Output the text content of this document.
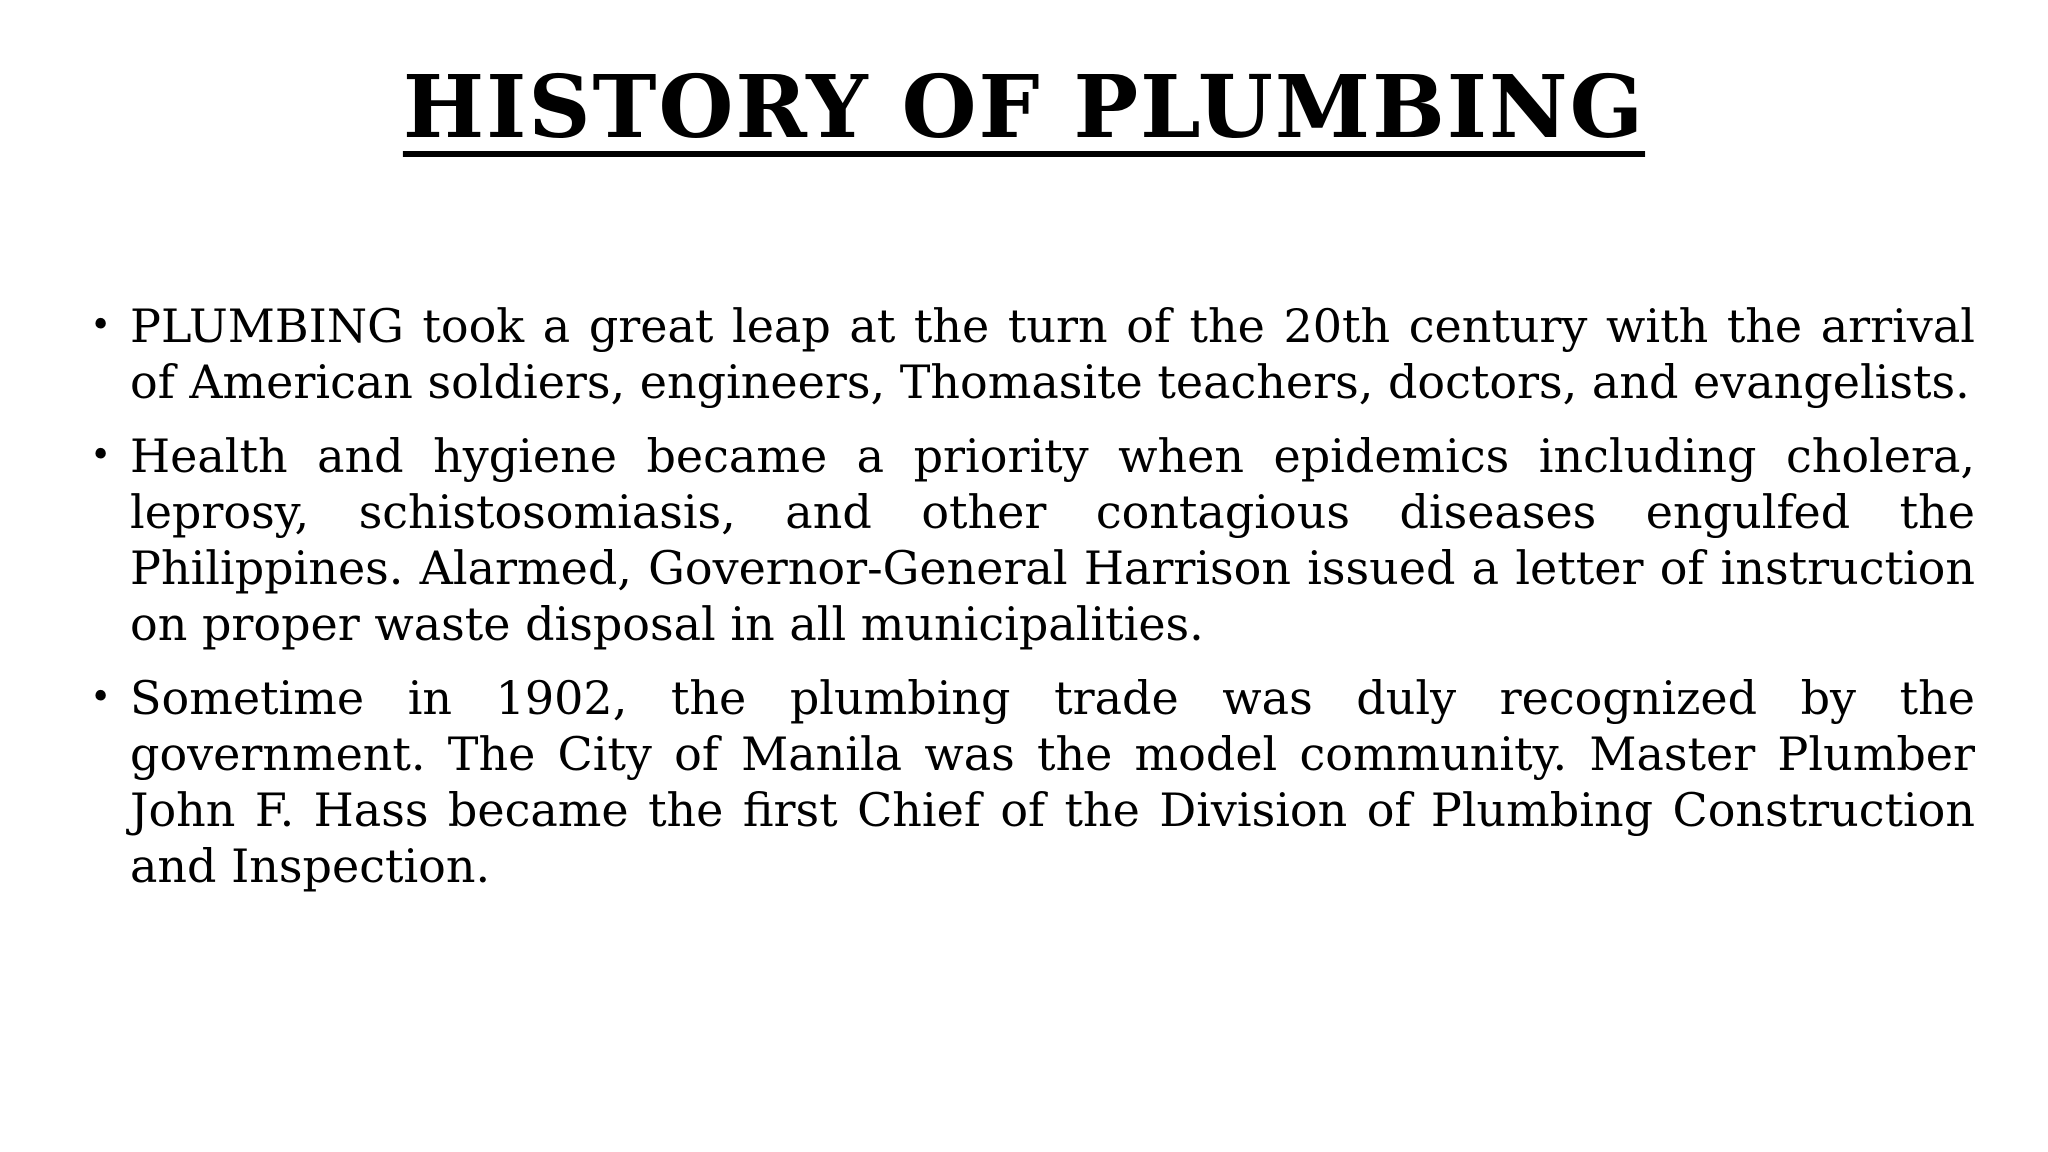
HISTORY OF PLUMBING
• PLUMBING took a great leap at the turn of the 20th century with the arrival of American soldiers, engineers, Thomasite teachers, doctors, and evangelists.
• Health and hygiene became a priority when epidemics including cholera, leprosy, schistosomiasis, and other contagious diseases engulfed the Philippines. Alarmed, Governor-General Harrison issued a letter of instruction on proper waste disposal in all municipalities.
• Sometime in 1902, the plumbing trade was duly recognized by the government. The City of Manila was the model community. Master Plumber John F. Hass became the first Chief of the Division of Plumbing Construction and Inspection.
